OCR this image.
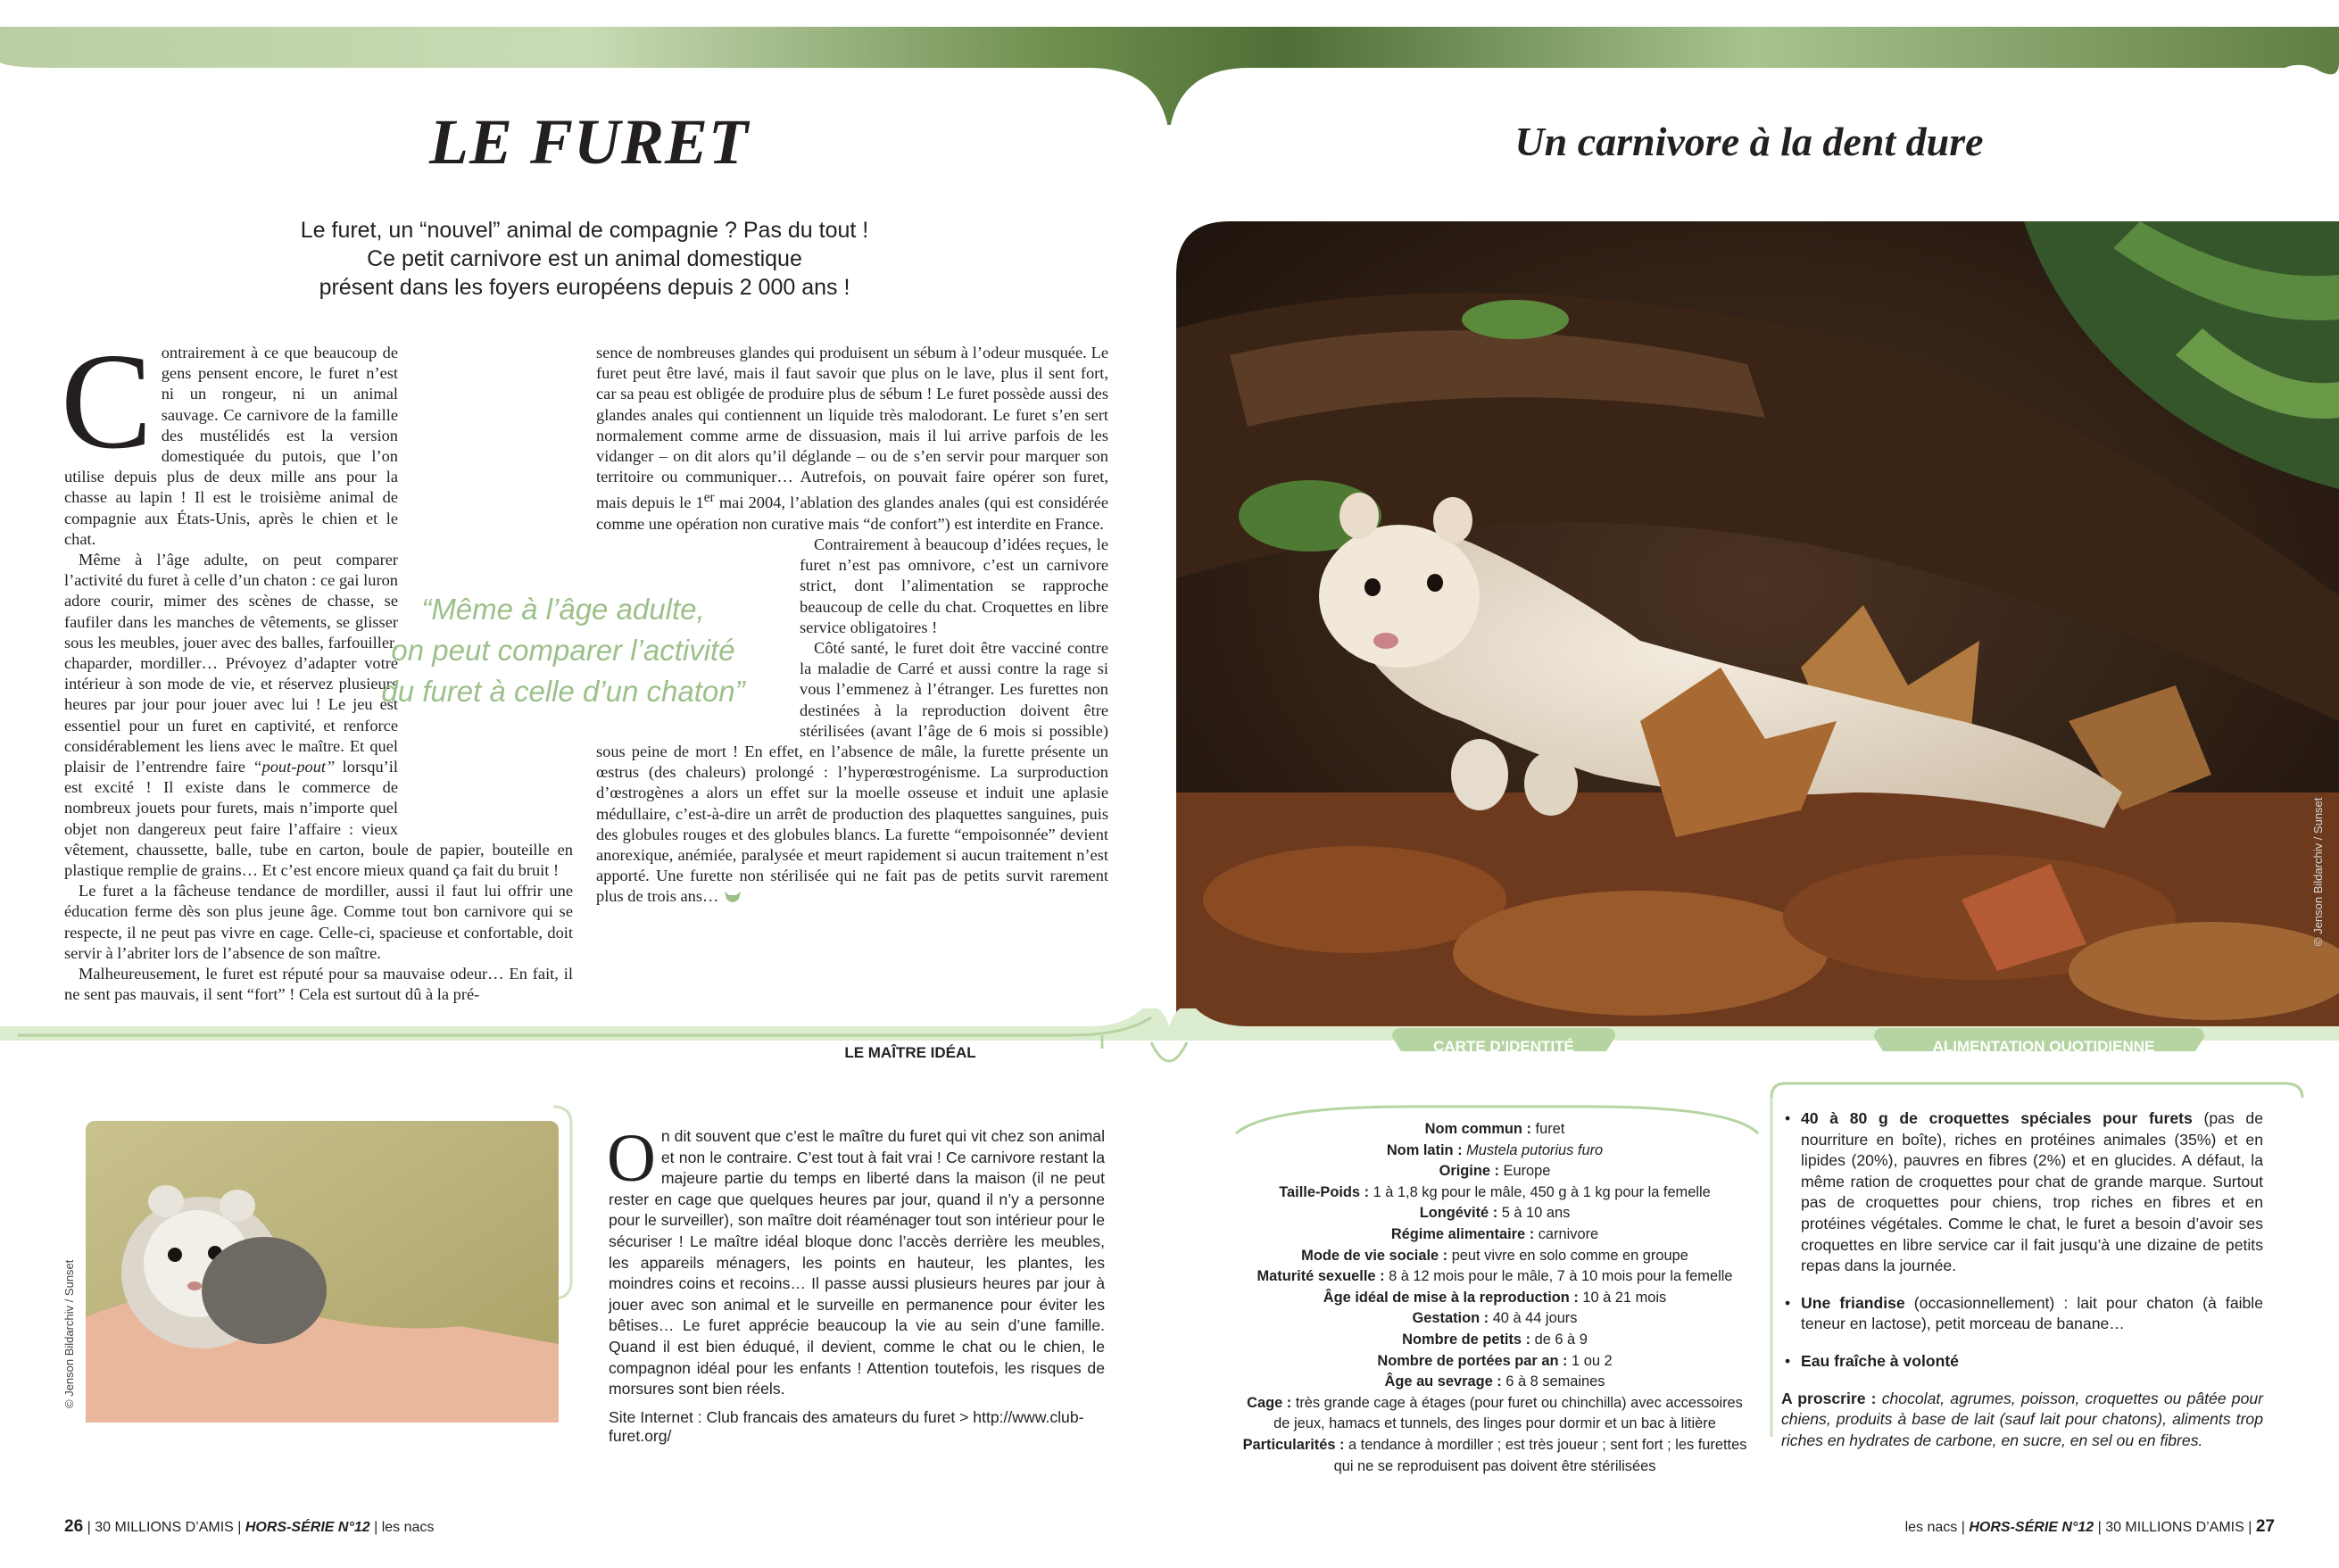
LE FURET
Le furet, un “nouvel” animal de compagnie ? Pas du tout !
Ce petit carnivore est un animal domestique
présent dans les foyers européens depuis 2 000 ans !
C ontrairement à ce que beaucoup de gens pensent encore, le furet n’est ni un rongeur, ni un animal sauvage. Ce carnivore de la famille des mustélidés est la version domestiquée du putois, que l’on utilise depuis plus de deux mille ans pour la chasse au lapin ! Il est le troisième animal de compagnie aux États-Unis, après le chien et le chat.

Même à l’âge adulte, on peut comparer l’activité du furet à celle d’un chaton : ce gai luron adore courir, mimer des scènes de chasse, se faufiler dans les manches de vêtements, se glisser sous les meubles, jouer avec des balles, farfouiller, chaparder, mordiller… Prévoyez d’adapter votre intérieur à son mode de vie, et réservez plusieurs heures par jour pour jouer avec lui ! Le jeu est essentiel pour un furet en captivité, et renforce considérablement les liens avec le maître. Et quel plaisir de l’entrendre faire “pout-pout” lorsqu’il est excité ! Il existe dans le commerce de nombreux jouets pour furets, mais n’importe quel objet non dangereux peut faire l’affaire : vieux vêtement, chaussette, balle, tube en carton, boule de papier, bouteille en plastique remplie de grains… Et c’est encore mieux quand ça fait du bruit !

Le furet a la fâcheuse tendance de mordiller, aussi il faut lui offrir une éducation ferme dès son plus jeune âge. Comme tout bon carnivore qui se respecte, il ne peut pas vivre en cage. Celle-ci, spacieuse et confortable, doit servir à l’abriter lors de l’absence de son maître.

Malheureusement, le furet est réputé pour sa mauvaise odeur… En fait, il ne sent pas mauvais, il sent “fort” ! Cela est surtout dû à la pré-

sence de nombreuses glandes qui produisent un sébum à l’odeur musquée. Le furet peut être lavé, mais il faut savoir que plus on le lave, plus il sent fort, car sa peau est obligée de produire plus de sébum ! Le furet possède aussi des glandes anales qui contiennent un liquide très malodorant. Le furet s’en sert normalement comme arme de dissuasion, mais il lui arrive parfois de les vidanger – on dit alors qu’il déglande – ou de s’en servir pour marquer son territoire ou communiquer… Autrefois, on pouvait faire opérer son furet, mais depuis le 1er mai 2004, l’ablation des glandes anales (qui est considérée comme une opération non curative mais “de confort”) est interdite en France.

Contrairement à beaucoup d’idées reçues, le furet n’est pas omnivore, c’est un carnivore strict, dont l’alimentation se rapproche beaucoup de celle du chat. Croquettes en libre service obligatoires !

Côté santé, le furet doit être vacciné contre la maladie de Carré et aussi contre la rage si vous l’emmenez à l’étranger. Les furettes non destinées à la reproduction doivent être stérilisées (avant l’âge de 6 mois si possible) sous peine de mort ! En effet, en l’absence de mâle, la furette présente un œstrus (des chaleurs) prolongé : l’hyperœstrogénisme. La surproduction d’œstrogènes a alors un effet sur la moelle osseuse et induit une aplasie médullaire, c’est-à-dire un arrêt de production des plaquettes sanguines, puis des globules rouges et des globules blancs. La furette “empoisonnée” devient anorexique, anémiée, paralysée et meurt rapidement si aucun traitement n’est apporté. Une furette non stérilisée qui ne fait pas de petits survit rarement plus de trois ans…

“Même à l’âge adulte,
on peut comparer l’activité
du furet à celle d’un chaton”
Un carnivore à la dent dure
© Jenson Bildarchiv / Sunset
LE MAÎTRE IDÉAL	CARTE D’IDENTITÉ	ALIMENTATION QUOTIDIENNE
© Jenson Bildarchiv / Sunset
O n dit souvent que c’est le maître du furet qui vit chez son animal et non le contraire. C’est tout à fait vrai ! Ce carnivore restant la majeure partie du temps en liberté dans la maison (il ne peut rester en cage que quelques heures par jour, quand il n’y a personne pour le surveiller), son maître doit réaménager tout son intérieur pour le sécuriser ! Le maître idéal bloque donc l’accès derrière les meubles, les appareils ménagers, les points en hauteur, les plantes, les moindres coins et recoins… Il passe aussi plusieurs heures par jour à jouer avec son animal et le surveille en permanence pour éviter les bêtises… Le furet apprécie beaucoup la vie au sein d’une famille. Quand il est bien éduqué, il devient, comme le chat ou le chien, le compagnon idéal pour les enfants ! Attention toutefois, les risques de morsures sont bien réels.
Site Internet : Club francais des amateurs du furet > http://www.club-furet.org/
Nom commun : furet
Nom latin : Mustela putorius furo
Origine : Europe
Taille-Poids : 1 à 1,8 kg pour le mâle, 450 g à 1 kg pour la femelle
Longévité : 5 à 10 ans
Régime alimentaire : carnivore
Mode de vie sociale : peut vivre en solo comme en groupe
Maturité sexuelle : 8 à 12 mois pour le mâle, 7 à 10 mois pour la femelle
Âge idéal de mise à la reproduction : 10 à 21 mois
Gestation : 40 à 44 jours
Nombre de petits : de 6 à 9
Nombre de portées par an : 1 ou 2
Âge au sevrage : 6 à 8 semaines
Cage : très grande cage à étages (pour furet ou chinchilla) avec accessoires de jeux, hamacs et tunnels, des linges pour dormir et un bac à litière
Particularités : a tendance à mordiller ; est très joueur ; sent fort ; les furettes qui ne se reproduisent pas doivent être stérilisées
• 40 à 80 g de croquettes spéciales pour furets (pas de nourriture en boîte), riches en protéines animales (35%) et en lipides (20%), pauvres en fibres (2%) et en glucides. A défaut, la même ration de croquettes pour chat de grande marque. Surtout pas de croquettes pour chiens, trop riches en fibres et en protéines végétales. Comme le chat, le furet a besoin d’avoir ses croquettes en libre service car il fait jusqu’à une dizaine de petits repas dans la journée.
• Une friandise (occasionnellement) : lait pour chaton (à faible teneur en lactose), petit morceau de banane…
• Eau fraîche à volonté
A proscrire : chocolat, agrumes, poisson, croquettes ou pâtée pour chiens, produits à base de lait (sauf lait pour chatons), aliments trop riches en hydrates de carbone, en sucre, en sel ou en fibres.
26 | 30 MILLIONS D’AMIS | HORS-SÉRIE N°12 | les nacs	les nacs | HORS-SÉRIE N°12 | 30 MILLIONS D’AMIS | 27
